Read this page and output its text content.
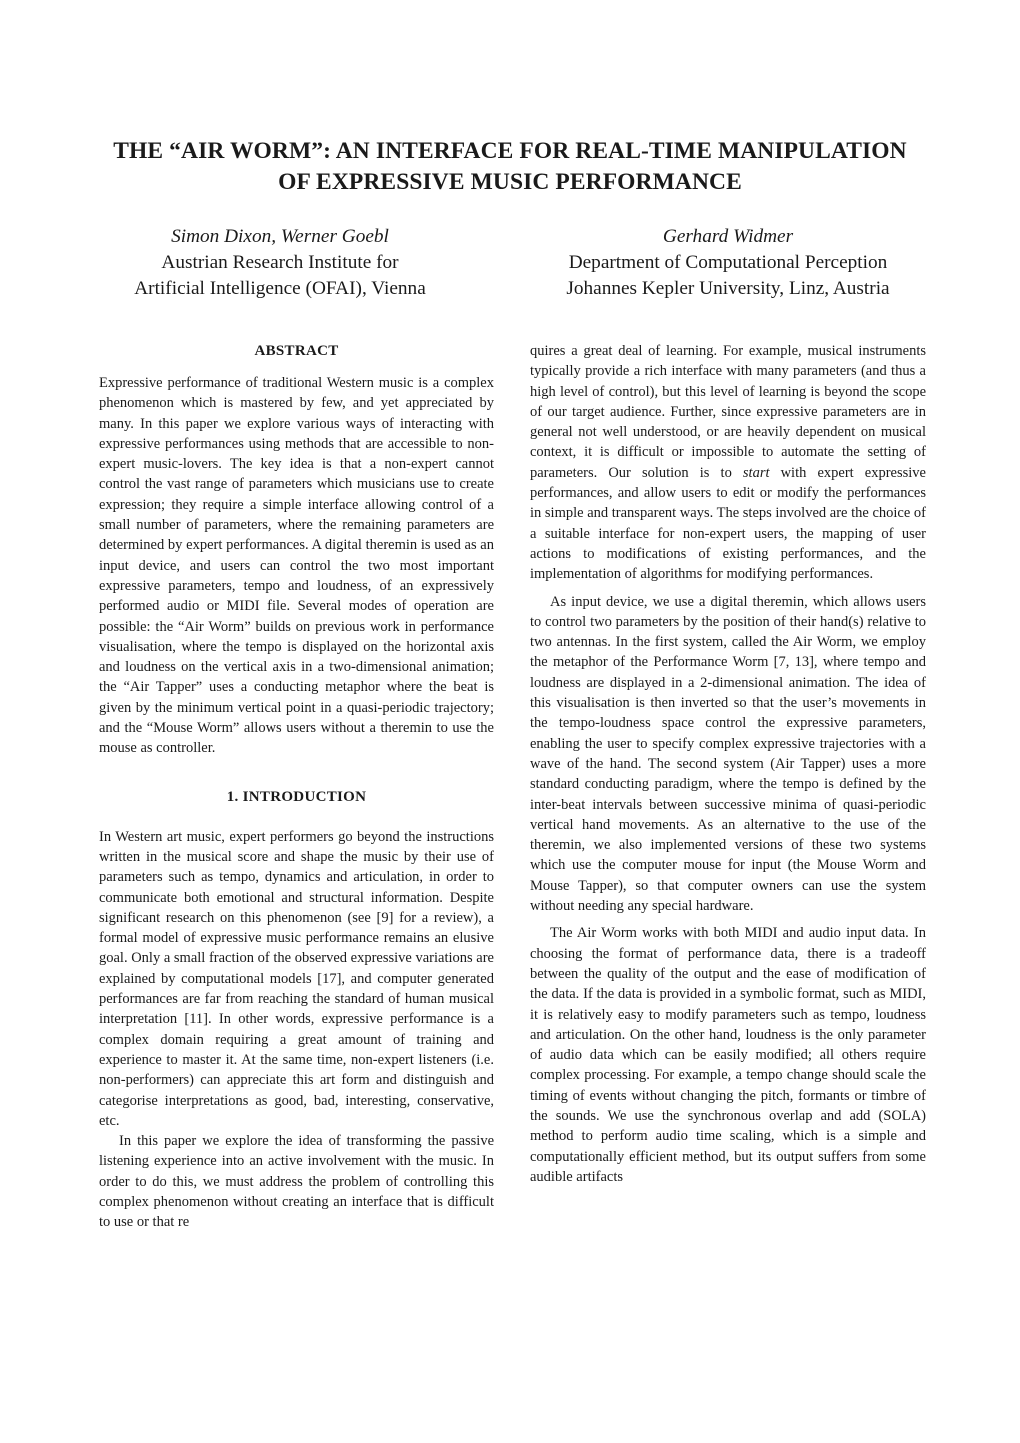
THE “AIR WORM”: AN INTERFACE FOR REAL-TIME MANIPULATION
OF EXPRESSIVE MUSIC PERFORMANCE
Simon Dixon, Werner Goebl
Austrian Research Institute for
Artificial Intelligence (OFAI), Vienna
Gerhard Widmer
Department of Computational Perception
Johannes Kepler University, Linz, Austria
ABSTRACT

Expressive performance of traditional Western music is a complex phenomenon which is mastered by few, and yet appreciated by many. In this paper we explore various ways of interacting with expressive performances using methods that are accessible to non-expert music-lovers. The key idea is that a non-expert cannot control the vast range of parameters which musicians use to create expression; they require a simple interface allowing control of a small number of parameters, where the remaining parameters are determined by expert performances. A digital theremin is used as an input device, and users can control the two most important expressive parameters, tempo and loudness, of an expressively performed audio or MIDI file. Several modes of operation are possible: the “Air Worm” builds on previous work in performance visualisation, where the tempo is displayed on the horizontal axis and loudness on the vertical axis in a two-dimensional animation; the “Air Tapper” uses a conducting metaphor where the beat is given by the minimum vertical point in a quasi-periodic trajectory; and the “Mouse Worm” allows users without a theremin to use the mouse as controller.

1. INTRODUCTION

In Western art music, expert performers go beyond the instructions written in the musical score and shape the music by their use of parameters such as tempo, dynamics and articulation, in order to communicate both emotional and structural information. Despite significant research on this phenomenon (see [9] for a review), a formal model of expressive music performance remains an elusive goal. Only a small fraction of the observed expressive variations are explained by computational models [17], and computer generated performances are far from reaching the standard of human musical interpretation [11]. In other words, expressive performance is a complex domain requiring a great amount of training and experience to master it. At the same time, non-expert listeners (i.e. non-performers) can appreciate this art form and distinguish and categorise interpretations as good, bad, interesting, conservative, etc.

In this paper we explore the idea of transforming the passive listening experience into an active involvement with the music. In order to do this, we must address the problem of controlling this complex phenomenon without creating an interface that is difficult to use or that re

quires a great deal of learning. For example, musical instruments typically provide a rich interface with many parameters (and thus a high level of control), but this level of learning is beyond the scope of our target audience. Further, since expressive parameters are in general not well understood, or are heavily dependent on musical context, it is difficult or impossible to automate the setting of parameters. Our solution is to start with expert expressive performances, and allow users to edit or modify the performances in simple and transparent ways. The steps involved are the choice of a suitable interface for non-expert users, the mapping of user actions to modifications of existing performances, and the implementation of algorithms for modifying performances.

As input device, we use a digital theremin, which allows users to control two parameters by the position of their hand(s) relative to two antennas. In the first system, called the Air Worm, we employ the metaphor of the Performance Worm [7, 13], where tempo and loudness are displayed in a 2-dimensional animation. The idea of this visualisation is then inverted so that the user’s movements in the tempo-loudness space control the expressive parameters, enabling the user to specify complex expressive trajectories with a wave of the hand. The second system (Air Tapper) uses a more standard conducting paradigm, where the tempo is defined by the inter-beat intervals between successive minima of quasi-periodic vertical hand movements. As an alternative to the use of the theremin, we also implemented versions of these two systems which use the computer mouse for input (the Mouse Worm and Mouse Tapper), so that computer owners can use the system without needing any special hardware.

The Air Worm works with both MIDI and audio input data. In choosing the format of performance data, there is a tradeoff between the quality of the output and the ease of modification of the data. If the data is provided in a symbolic format, such as MIDI, it is relatively easy to modify parameters such as tempo, loudness and articulation. On the other hand, loudness is the only parameter of audio data which can be easily modified; all others require complex processing. For example, a tempo change should scale the timing of events without changing the pitch, formants or timbre of the sounds. We use the synchronous overlap and add (SOLA) method to perform audio time scaling, which is a simple and computationally efficient method, but its output suffers from some audible artifacts
